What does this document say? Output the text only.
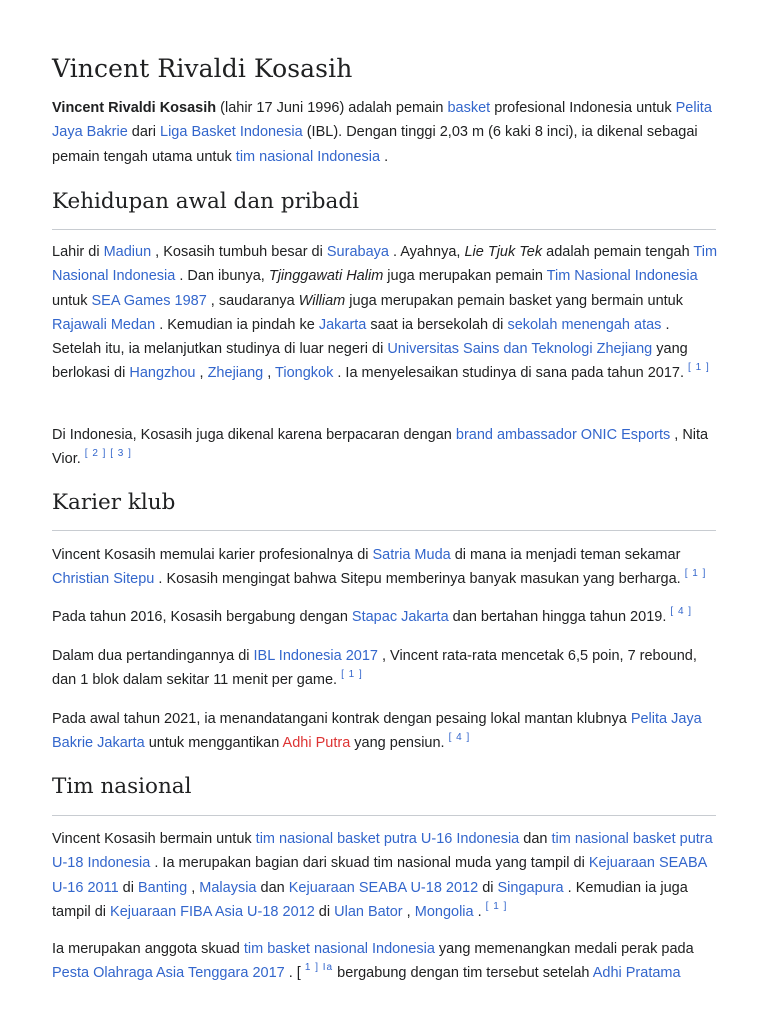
Vincent Rivaldi Kosasih

Vincent Rivaldi Kosasih (lahir 17 Juni 1996) adalah pemain basket profesional Indonesia untuk Pelita Jaya Bakrie dari Liga Basket Indonesia (IBL). Dengan tinggi 2,03 m (6 kaki 8 inci), ia dikenal sebagai pemain tengah utama untuk tim nasional Indonesia .

Kehidupan awal dan pribadi

Lahir di Madiun , Kosasih tumbuh besar di Surabaya . Ayahnya, Lie Tjuk Tek adalah pemain tengah Tim Nasional Indonesia . Dan ibunya, Tjinggawati Halim juga merupakan pemain Tim Nasional Indonesia untuk SEA Games 1987 , saudaranya William juga merupakan pemain basket yang bermain untuk Rajawali Medan . Kemudian ia pindah ke Jakarta saat ia bersekolah di sekolah menengah atas . Setelah itu, ia melanjutkan studinya di luar negeri di Universitas Sains dan Teknologi Zhejiang yang berlokasi di Hangzhou , Zhejiang , Tiongkok . Ia menyelesaikan studinya di sana pada tahun 2017. [ 1 ]

Di Indonesia, Kosasih juga dikenal karena berpacaran dengan brand ambassador ONIC Esports , Nita Vior. [ 2 ] [ 3 ]

Karier klub

Vincent Kosasih memulai karier profesionalnya di Satria Muda di mana ia menjadi teman sekamar Christian Sitepu . Kosasih mengingat bahwa Sitepu memberinya banyak masukan yang berharga. [ 1 ]

Pada tahun 2016, Kosasih bergabung dengan Stapac Jakarta dan bertahan hingga tahun 2019. [ 4 ]

Dalam dua pertandingannya di IBL Indonesia 2017 , Vincent rata-rata mencetak 6,5 poin, 7 rebound, dan 1 blok dalam sekitar 11 menit per game. [ 1 ]

Pada awal tahun 2021, ia menandatangani kontrak dengan pesaing lokal mantan klubnya Pelita Jaya Bakrie Jakarta untuk menggantikan Adhi Putra yang pensiun. [ 4 ]

Tim nasional

Vincent Kosasih bermain untuk tim nasional basket putra U-16 Indonesia dan tim nasional basket putra U-18 Indonesia . Ia merupakan bagian dari skuad tim nasional muda yang tampil di Kejuaraan SEABA U-16 2011 di Banting , Malaysia dan Kejuaraan SEABA U-18 2012 di Singapura . Kemudian ia juga tampil di Kejuaraan FIBA Asia U-18 2012 di Ulan Bator , Mongolia . [ 1 ]

Ia merupakan anggota skuad tim basket nasional Indonesia yang memenangkan medali perak pada Pesta Olahraga Asia Tenggara 2017 . [ $^{1 ] Ia}$ bergabung dengan tim tersebut setelah Adhi Pratama
